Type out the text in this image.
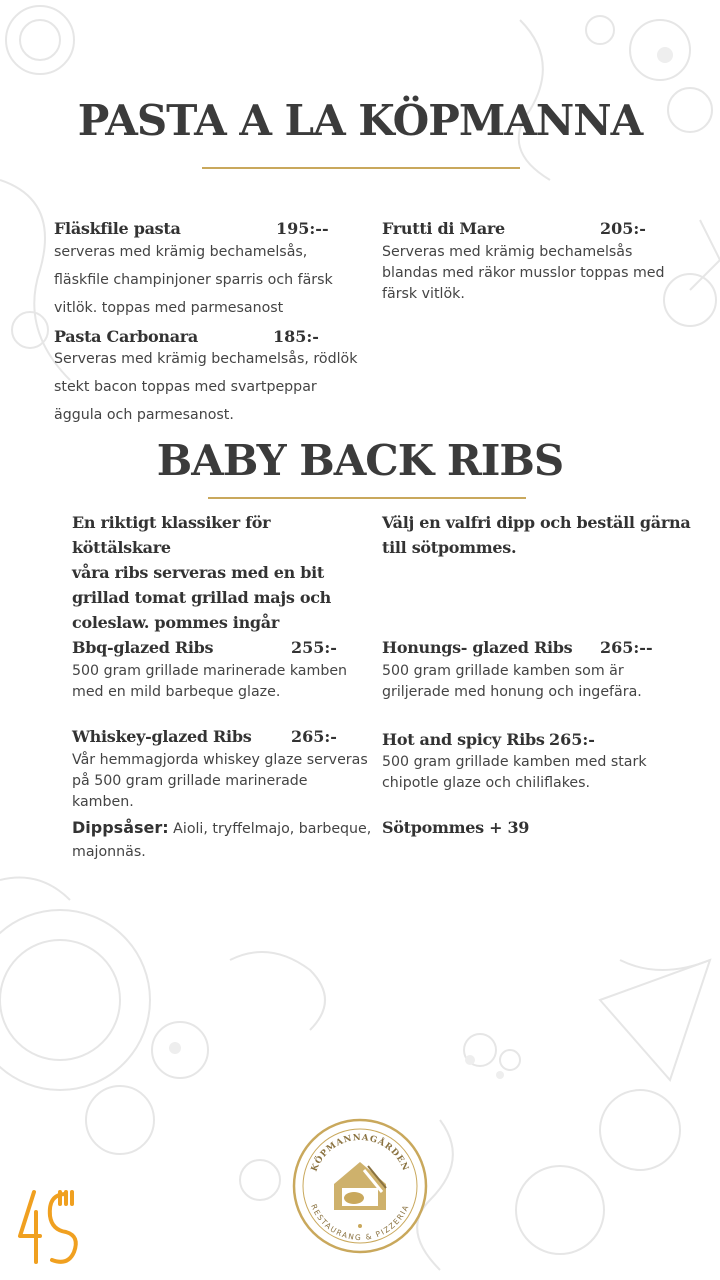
PASTA A LA KÖPMANNA
Fläskfile pasta	195:--

serveras med krämig bechamelsås,
fläskfile champinjoner sparris och färsk
vitlök. toppas med parmesanost

Pasta Carbonara	185:-

Serveras med krämig bechamelsås, rödlök
stekt bacon toppas med svartpeppar
äggula och parmesanost.

Frutti di Mare	205:-

Serveras med krämig bechamelsås
blandas med räkor musslor toppas med
färsk vitlök.

BABY BACK RIBS

En riktigt klassiker för köttälskare
våra ribs serveras med en bit
grillad tomat grillad majs och
coleslaw. pommes ingår

Välj en valfri dipp och beställ gärna
till sötpommes.

Bbq-glazed Ribs	255:-

500 gram grillade marinerade kamben
med en mild barbeque glaze.

Honungs- glazed Ribs 265:--

500 gram grillade kamben som är
griljerade med honung och ingefära.

Whiskey-glazed Ribs 265:-

Vår hemmagjorda whiskey glaze serveras
på 500 gram grillade marinerade kamben.

Hot and spicy Ribs 265:-

500 gram grillade kamben med stark
chipotle glaze och chiliflakes.

Dippsåser: Aioli, tryffelmajo, barbeque,
majonnäs.

Sötpommes + 39
KÖPMANNAGÅRDEN
RESTAURANG & PIZZERIA
